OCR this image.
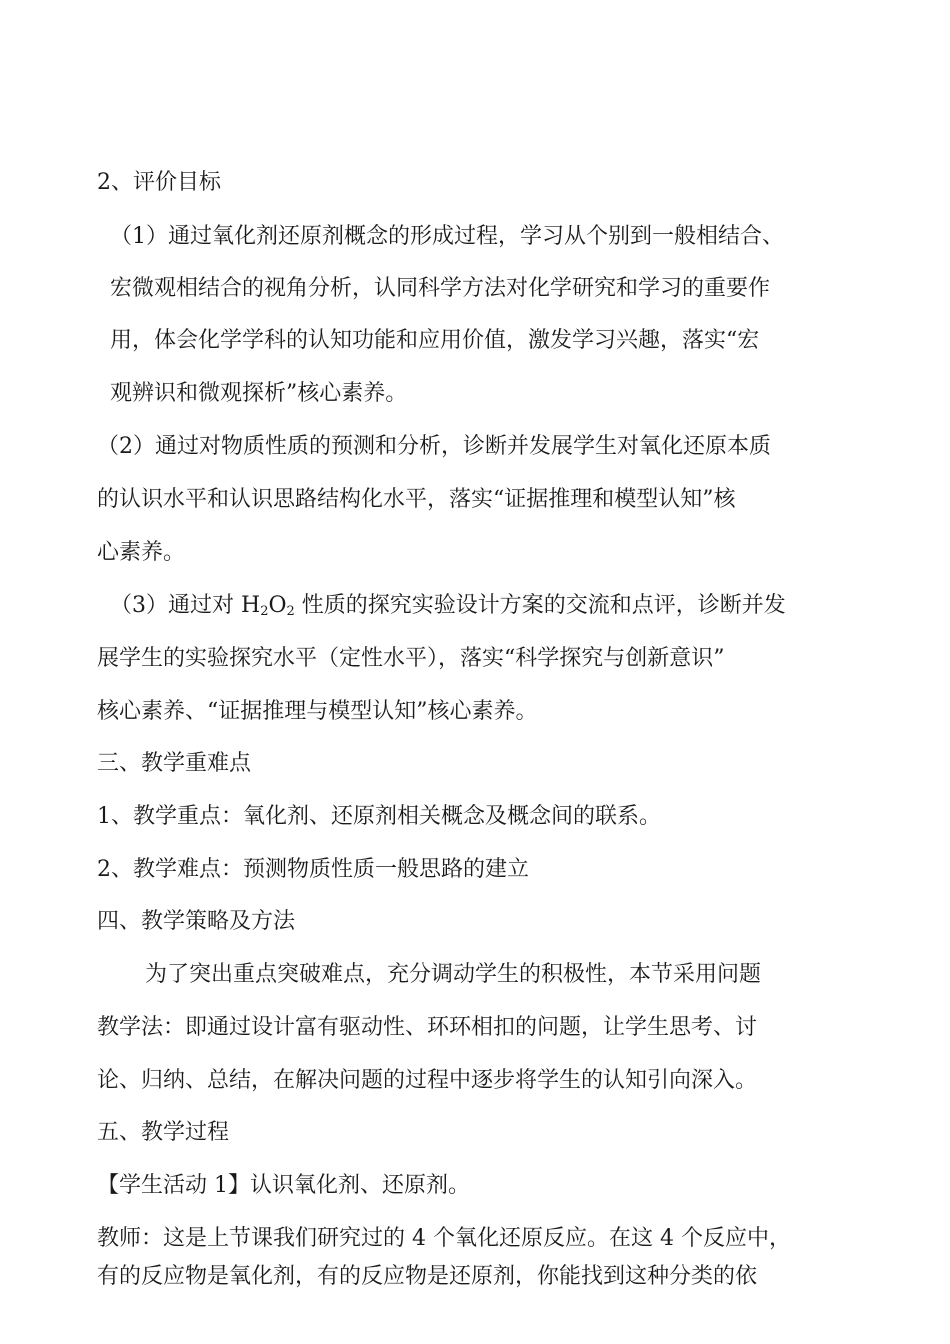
2、评价目标
（1）通过氧化剂还原剂概念的形成过程，学习从个别到一般相结合、
宏微观相结合的视角分析，认同科学方法对化学研究和学习的重要作
用，体会化学学科的认知功能和应用价值，激发学习兴趣，落实“宏
观辨识和微观探析”核心素养。
（2）通过对物质性质的预测和分析，诊断并发展学生对氧化还原本质
的认识水平和认识思路结构化水平，落实“证据推理和模型认知”核
心素养。
（3）通过对 $H_2O_2$ 性质的探究实验设计方案的交流和点评，诊断并发
展学生的实验探究水平（定性水平），落实“科学探究与创新意识”
核心素养、“证据推理与模型认知”核心素养。
三、教学重难点
1、教学重点：氧化剂、还原剂相关概念及概念间的联系。
2、教学难点：预测物质性质一般思路的建立
四、教学策略及方法
为了突出重点突破难点，充分调动学生的积极性，本节采用问题
教学法：即通过设计富有驱动性、环环相扣的问题，让学生思考、讨
论、归纳、总结，在解决问题的过程中逐步将学生的认知引向深入。
五、教学过程
【学生活动 1】认识氧化剂、还原剂。
教师：这是上节课我们研究过的 4 个氧化还原反应。在这 4 个反应中，
有的反应物是氧化剂，有的反应物是还原剂，你能找到这种分类的依
